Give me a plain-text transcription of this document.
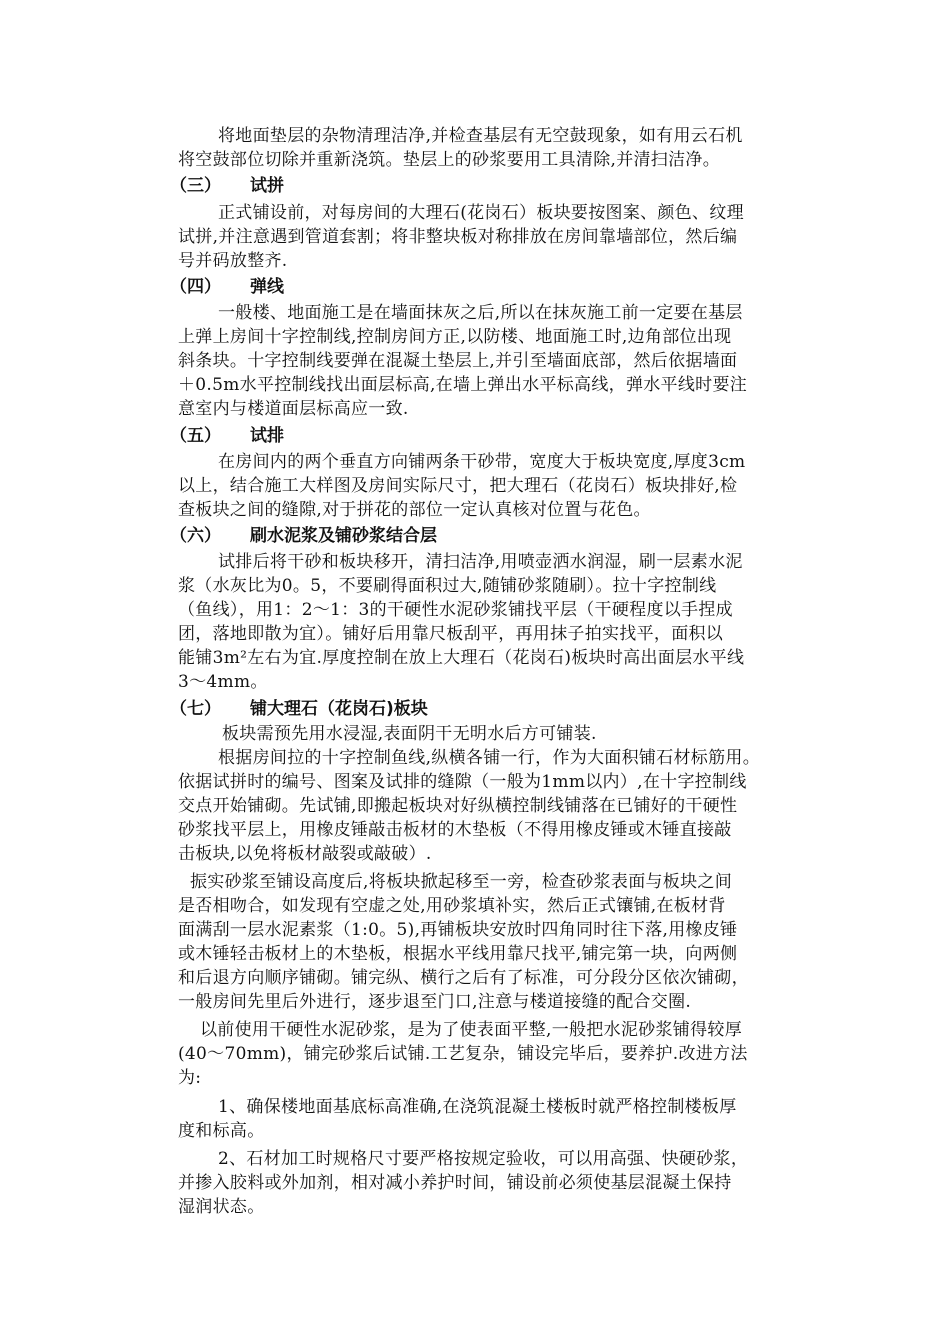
将地面垫层的杂物清理洁净,并检查基层有无空鼓现象，如有用云石机
将空鼓部位切除并重新浇筑。垫层上的砂浆要用工具清除,并清扫洁净。
（三） 试拼
正式铺设前，对每房间的大理石(花岗石）板块要按图案、颜色、纹理
试拼,并注意遇到管道套割；将非整块板对称排放在房间靠墙部位，然后编
号并码放整齐.
（四） 弹线
一般楼、地面施工是在墙面抹灰之后,所以在抹灰施工前一定要在基层
上弹上房间十字控制线,控制房间方正,以防楼、地面施工时,边角部位出现
斜条块。十字控制线要弹在混凝土垫层上,并引至墙面底部，然后依据墙面
＋0.5m水平控制线找出面层标高,在墙上弹出水平标高线，弹水平线时要注
意室内与楼道面层标高应一致.
（五） 试排
在房间内的两个垂直方向铺两条干砂带，宽度大于板块宽度,厚度3cm
以上，结合施工大样图及房间实际尺寸，把大理石（花岗石）板块排好,检
查板块之间的缝隙,对于拼花的部位一定认真核对位置与花色。
（六） 刷水泥浆及铺砂浆结合层
试排后将干砂和板块移开，清扫洁净,用喷壶洒水润湿，刷一层素水泥
浆（水灰比为0。5，不要刷得面积过大,随铺砂浆随刷）。拉十字控制线
（鱼线），用1：2～1：3的干硬性水泥砂浆铺找平层（干硬程度以手捏成
团，落地即散为宜）。铺好后用靠尺板刮平，再用抹子拍实找平，面积以
能铺3m²左右为宜.厚度控制在放上大理石（花岗石)板块时高出面层水平线
3～4mm。
（七） 铺大理石（花岗石)板块
板块需预先用水浸湿,表面阴干无明水后方可铺装.
根据房间拉的十字控制鱼线,纵横各铺一行，作为大面积铺石材标筋用。
依据试拼时的编号、图案及试排的缝隙（一般为1mm以内）,在十字控制线
交点开始铺砌。先试铺,即搬起板块对好纵横控制线铺落在已铺好的干硬性
砂浆找平层上，用橡皮锤敲击板材的木垫板（不得用橡皮锤或木锤直接敲
击板块,以免将板材敲裂或敲破）.
振实砂浆至铺设高度后,将板块掀起移至一旁，检查砂浆表面与板块之间
是否相吻合，如发现有空虚之处,用砂浆填补实，然后正式镶铺,在板材背
面满刮一层水泥素浆（1:0。5),再铺板块安放时四角同时往下落,用橡皮锤
或木锤轻击板材上的木垫板，根据水平线用靠尺找平,铺完第一块，向两侧
和后退方向顺序铺砌。铺完纵、横行之后有了标准，可分段分区依次铺砌，
一般房间先里后外进行，逐步退至门口,注意与楼道接缝的配合交圈.
以前使用干硬性水泥砂浆，是为了使表面平整,一般把水泥砂浆铺得较厚
(40～70mm)，铺完砂浆后试铺.工艺复杂，铺设完毕后，要养护.改进方法
为:
1、确保楼地面基底标高准确,在浇筑混凝土楼板时就严格控制楼板厚
度和标高。
2、石材加工时规格尺寸要严格按规定验收，可以用高强、快硬砂浆，
并掺入胶料或外加剂，相对减小养护时间，铺设前必须使基层混凝土保持
湿润状态。
